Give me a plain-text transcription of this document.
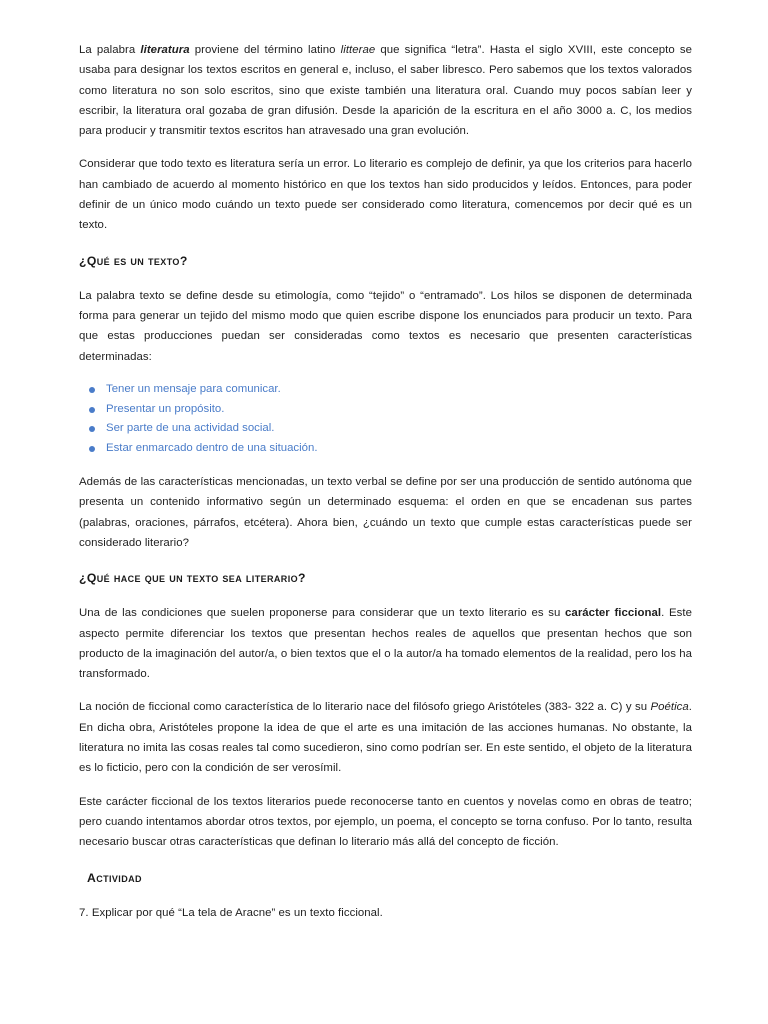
La palabra literatura proviene del término latino litterae que significa “letra”. Hasta el siglo XVIII, este concepto se usaba para designar los textos escritos en general e, incluso, el saber libresco. Pero sabemos que los textos valorados como literatura no son solo escritos, sino que existe también una literatura oral. Cuando muy pocos sabían leer y escribir, la literatura oral gozaba de gran difusión. Desde la aparición de la escritura en el año 3000 a. C, los medios para producir y transmitir textos escritos han atravesado una gran evolución.

Considerar que todo texto es literatura sería un error. Lo literario es complejo de definir, ya que los criterios para hacerlo han cambiado de acuerdo al momento histórico en que los textos han sido producidos y leídos. Entonces, para poder definir de un único modo cuándo un texto puede ser considerado como literatura, comencemos por decir qué es un texto.

¿Qué es un texto?

La palabra texto se define desde su etimología, como “tejido” o “entramado”. Los hilos se disponen de determinada forma para generar un tejido del mismo modo que quien escribe dispone los enunciados para producir un texto. Para que estas producciones puedan ser consideradas como textos es necesario que presenten características determinadas:

Tener un mensaje para comunicar.
Presentar un propósito.
Ser parte de una actividad social.
Estar enmarcado dentro de una situación.

Además de las características mencionadas, un texto verbal se define por ser una producción de sentido autónoma que presenta un contenido informativo según un determinado esquema: el orden en que se encadenan sus partes (palabras, oraciones, párrafos, etcétera). Ahora bien, ¿cuándo un texto que cumple estas características puede ser considerado literario?

¿Qué hace que un texto sea literario?

Una de las condiciones que suelen proponerse para considerar que un texto literario es su carácter ficcional. Este aspecto permite diferenciar los textos que presentan hechos reales de aquellos que presentan hechos que son producto de la imaginación del autor/a, o bien textos que el o la autor/a ha tomado elementos de la realidad, pero los ha transformado.

La noción de ficcional como característica de lo literario nace del filósofo griego Aristóteles (383- 322 a. C) y su Poética. En dicha obra, Aristóteles propone la idea de que el arte es una imitación de las acciones humanas. No obstante, la literatura no imita las cosas reales tal como sucedieron, sino como podrían ser. En este sentido, el objeto de la literatura es lo ficticio, pero con la condición de ser verosímil.

Este carácter ficcional de los textos literarios puede reconocerse tanto en cuentos y novelas como en obras de teatro; pero cuando intentamos abordar otros textos, por ejemplo, un poema, el concepto se torna confuso. Por lo tanto, resulta necesario buscar otras características que definan lo literario más allá del concepto de ficción.

Actividad

7. Explicar por qué “La tela de Aracne” es un texto ficcional.
